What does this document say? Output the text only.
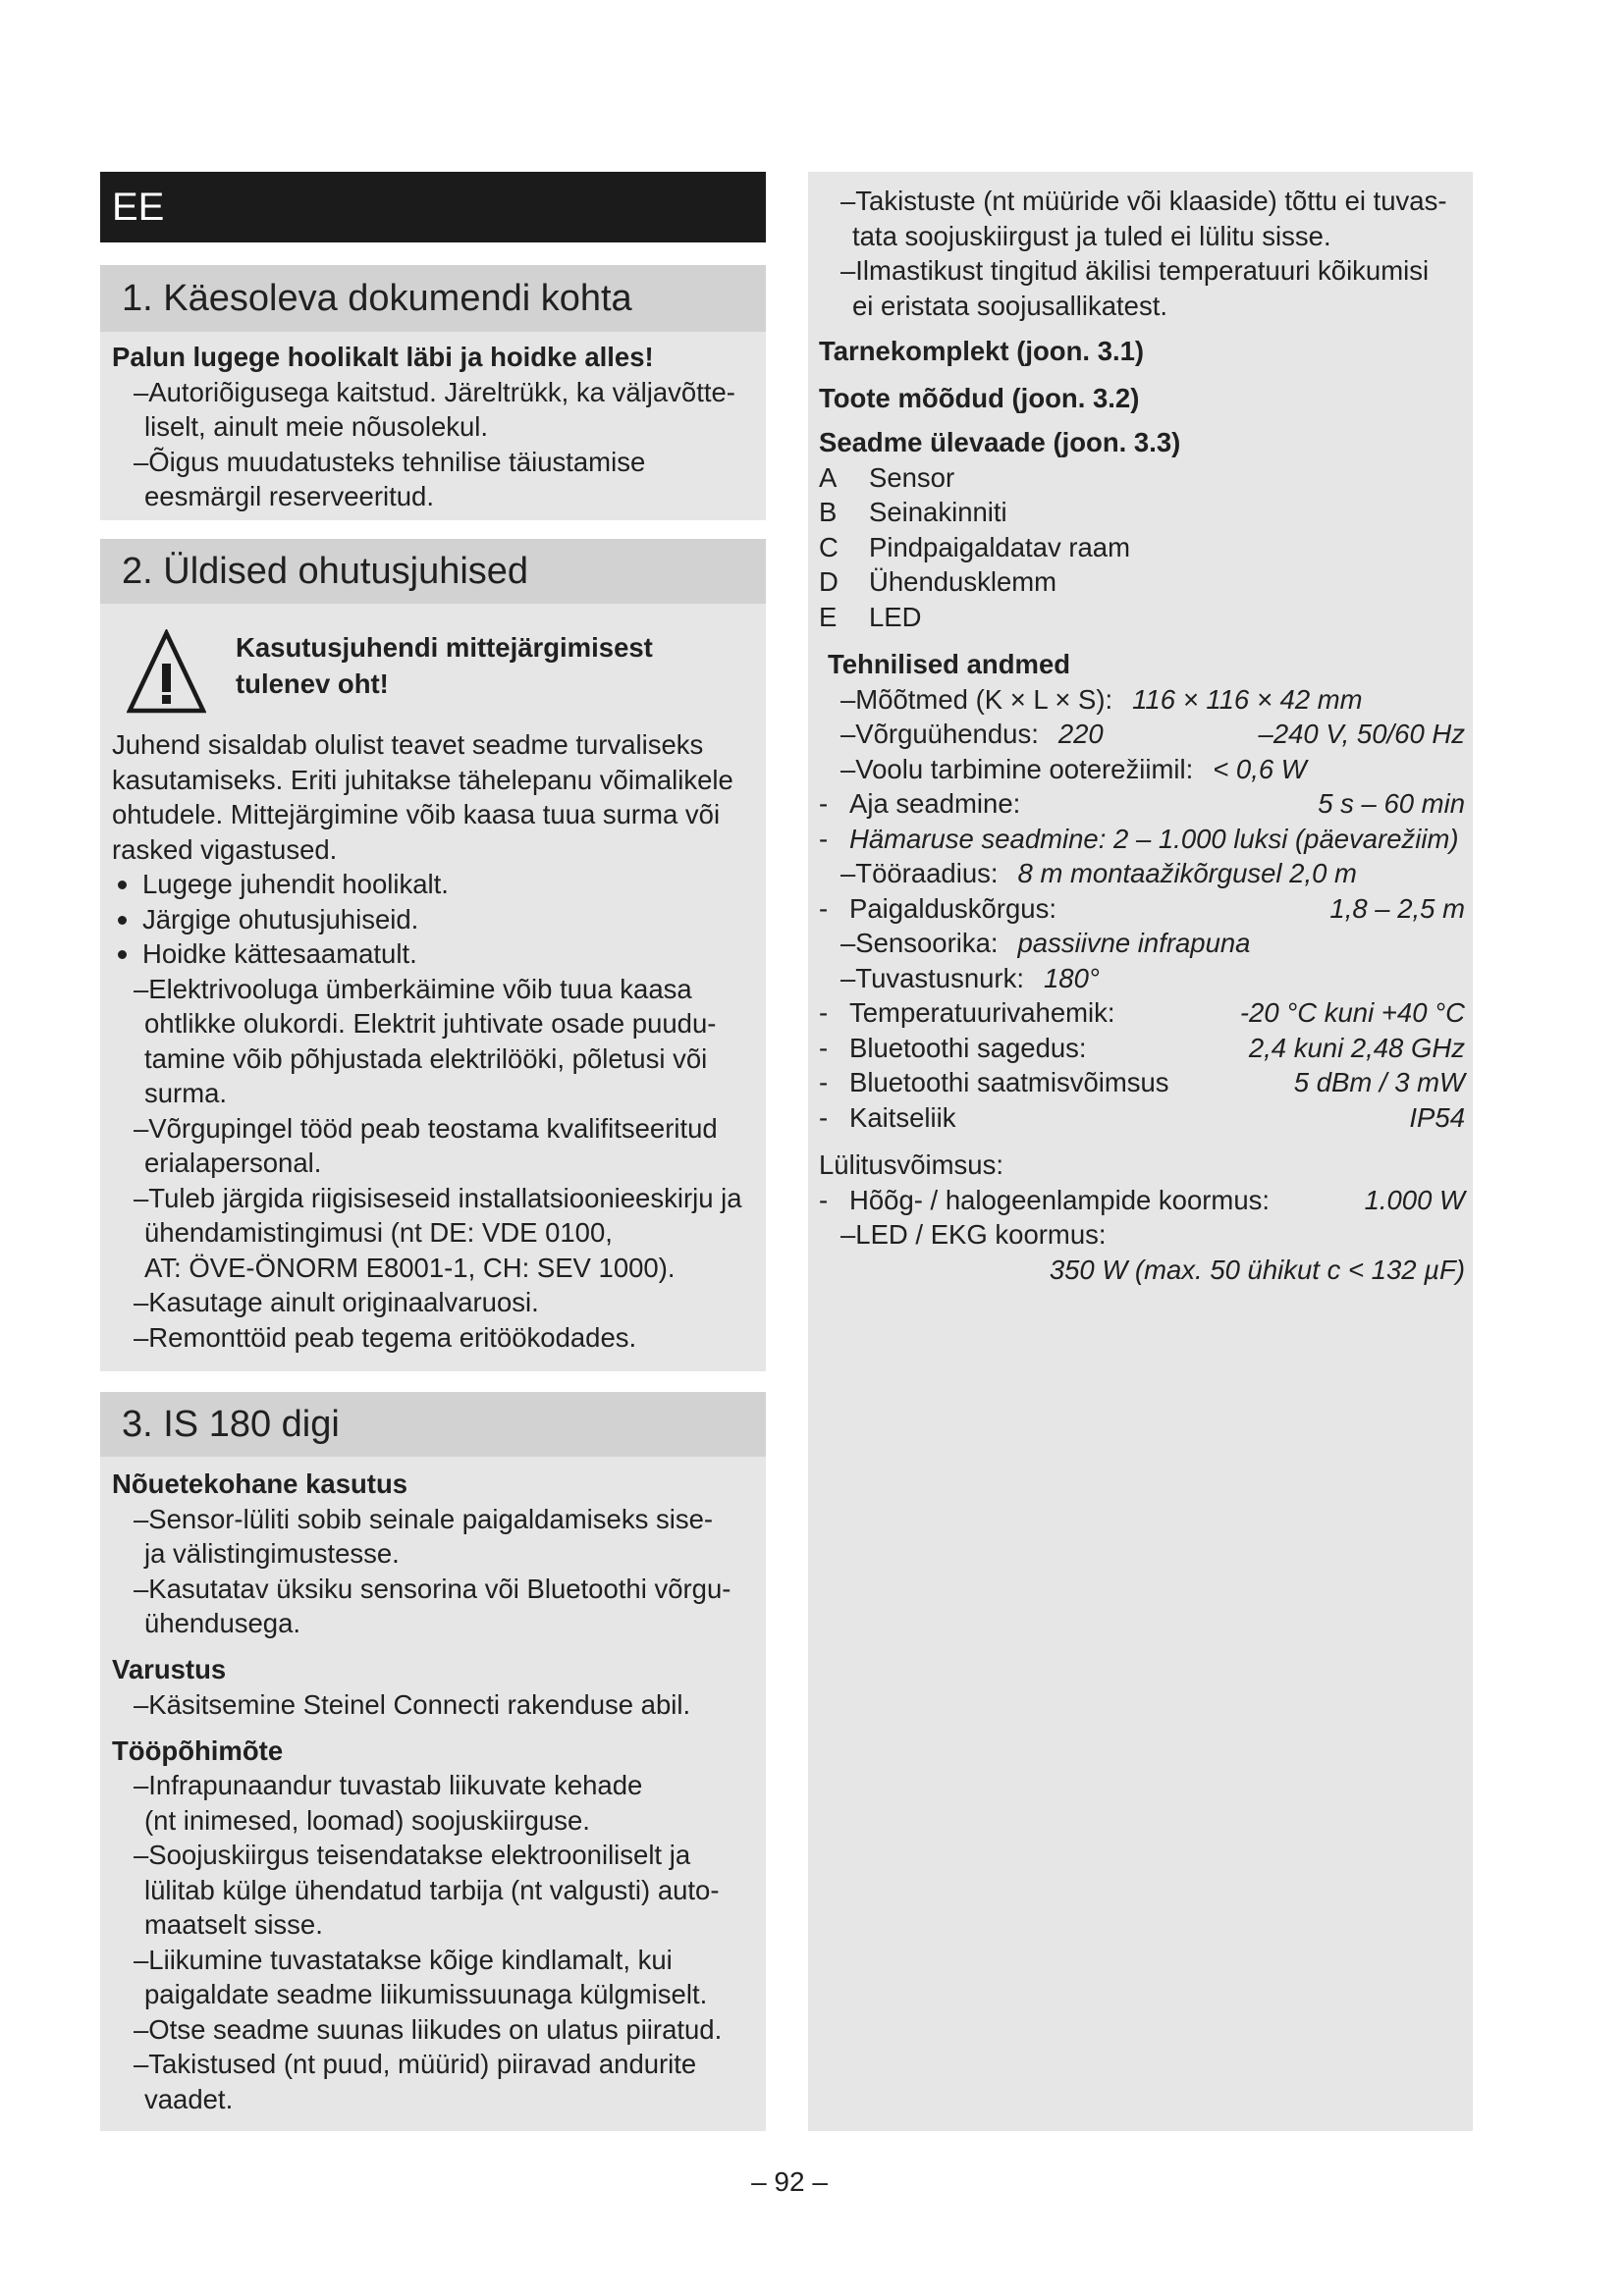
EE
1. Käesoleva dokumendi kohta
Palun lugege hoolikalt läbi ja hoidke alles!
–Autoriõigusega kaitstud. Järeltrükk, ka väljavõtte-
liselt, ainult meie nõusolekul.
–Õigus muudatusteks tehnilise täiustamise
eesmärgil reserveeritud.
2. Üldised ohutusjuhised
Kasutusjuhendi mittejärgimisest
tulenev oht!
Juhend sisaldab olulist teavet seadme turvaliseks
kasutamiseks. Eriti juhitakse tähelepanu võimalikele
ohtudele. Mittejärgimine võib kaasa tuua surma või
rasked vigastused.
Lugege juhendit hoolikalt.
Järgige ohutusjuhiseid.
Hoidke kättesaamatult.
–Elektrivooluga ümberkäimine võib tuua kaasa
ohtlikke olukordi. Elektrit juhtivate osade puudu-
tamine võib põhjustada elektrilööki, põletusi või
surma.
–Võrgupingel tööd peab teostama kvalifitseeritud
erialapersonal.
–Tuleb järgida riigisiseseid installatsioonieeskirju ja
ühendamistingimusi (nt DE: VDE 0100,
AT: ÖVE-ÖNORM E8001-1, CH: SEV 1000).
–Kasutage ainult originaalvaruosi.
–Remonttöid peab tegema eritöökodades.
3. IS 180 digi
Nõuetekohane kasutus
–Sensor-lüliti sobib seinale paigaldamiseks sise-
ja välistingimustesse.
–Kasutatav üksiku sensorina või Bluetoothi võrgu-
ühendusega.
Varustus
–Käsitsemine Steinel Connecti rakenduse abil.
Tööpõhimõte
–Infrapunaandur tuvastab liikuvate kehade
(nt inimesed, loomad) soojuskiirguse.
–Soojuskiirgus teisendatakse elektrooniliselt ja
lülitab külge ühendatud tarbija (nt valgusti) auto-
maatselt sisse.
–Liikumine tuvastatakse kõige kindlamalt, kui
paigaldate seadme liikumissuunaga külgmiselt.
–Otse seadme suunas liikudes on ulatus piiratud.
–Takistused (nt puud, müürid) piiravad andurite
vaadet.
–Takistuste (nt müüride või klaaside) tõttu ei tuvas-
tata soojuskiirgust ja tuled ei lülitu sisse.
–Ilmastikust tingitud äkilisi temperatuuri kõikumisi
ei eristata soojusallikatest.
Tarnekomplekt (joon. 3.1)
Toote mõõdud (joon. 3.2)
Seadme ülevaade (joon. 3.3)
A Sensor
B Seinakinniti
C Pindpaigaldatav raam
D Ühendusklemm
E LED
Tehnilised andmed
–Mõõtmed (K × L × S): 116 × 116 × 42 mm
–Võrguühendus: 220	–240 V, 50/60 Hz
–Voolu tarbimine ooterežiimil: < 0,6 W
- Aja seadmine:	5 s – 60 min
- Hämaruse seadmine: 2 – 1.000 luksi (päevarežiim)
–Tööraadius: 8 m montaažikõrgusel 2,0 m
- Paigalduskõrgus:	1,8 – 2,5 m
–Sensoorika: passiivne infrapuna
–Tuvastusnurk: 180°
- Temperatuurivahemik:	-20 °C kuni +40 °C
- Bluetoothi sagedus:	2,4 kuni 2,48 GHz
- Bluetoothi saatmisvõimsus	5 dBm / 3 mW
- Kaitseliik	IP54
Lülitusvõimsus:
- Hõõg- / halogeenlampide koormus:	1.000 W
–LED / EKG koormus:
350 W (max. 50 ühikut c < 132 µF)
– 92 –
